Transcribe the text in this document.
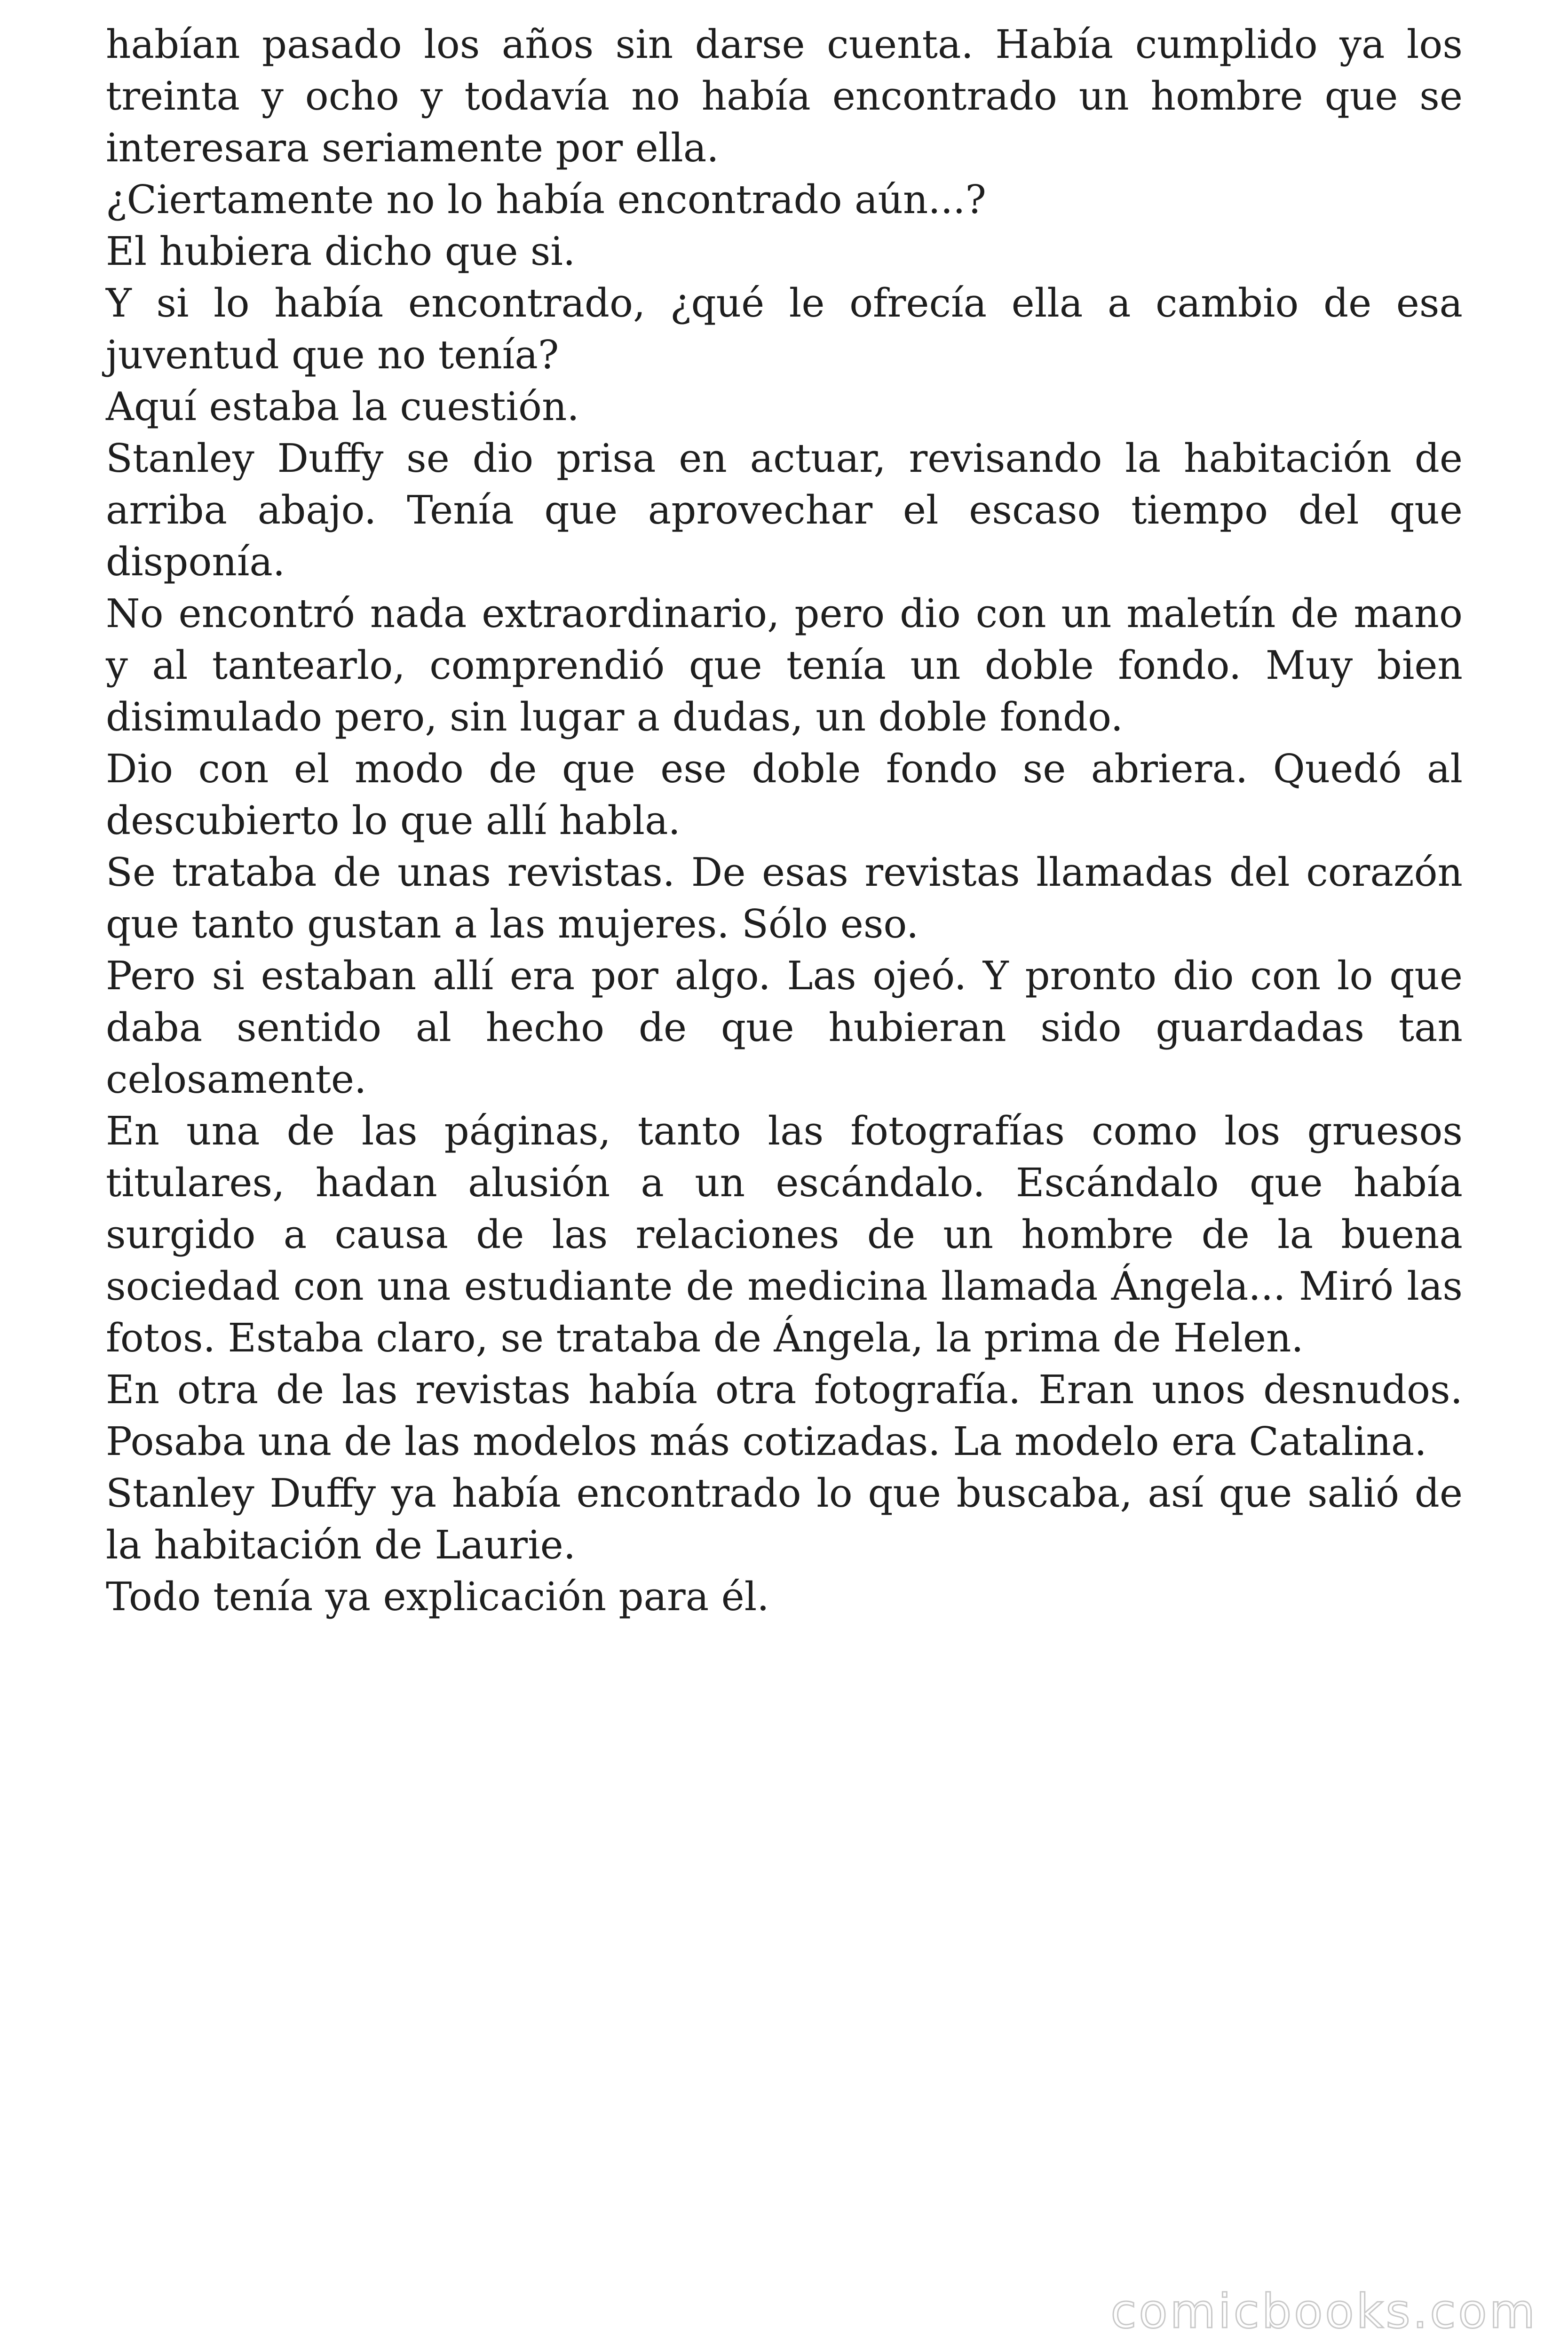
habían pasado los años sin darse cuenta. Había cumplido ya los treinta y ocho y todavía no había encontrado un hombre que se interesara seriamente por ella.

¿Ciertamente no lo había encontrado aún...?

El hubiera dicho que si.

Y si lo había encontrado, ¿qué le ofrecía ella a cambio de esa juventud que no tenía?

Aquí estaba la cuestión.

Stanley Duffy se dio prisa en actuar, revisando la habitación de arriba abajo. Tenía que aprovechar el escaso tiempo del que disponía.

No encontró nada extraordinario, pero dio con un maletín de mano y al tantearlo, comprendió que tenía un doble fondo. Muy bien disimulado pero, sin lugar a dudas, un doble fondo.

Dio con el modo de que ese doble fondo se abriera. Quedó al descubierto lo que allí habla.

Se trataba de unas revistas. De esas revistas llamadas del corazón que tanto gustan a las mujeres. Sólo eso.

Pero si estaban allí era por algo. Las ojeó. Y pronto dio con lo que daba sentido al hecho de que hubieran sido guardadas tan celosamente.

En una de las páginas, tanto las fotografías como los gruesos titulares, hadan alusión a un escándalo. Escándalo que había surgido a causa de las relaciones de un hombre de la buena sociedad con una estudiante de medicina llamada Ángela... Miró las fotos. Estaba claro, se trataba de Ángela, la prima de Helen.

En otra de las revistas había otra fotografía. Eran unos desnudos. Posaba una de las modelos más cotizadas. La modelo era Catalina.

Stanley Duffy ya había encontrado lo que buscaba, así que salió de la habitación de Laurie.

Todo tenía ya explicación para él.

comicbooks.com
